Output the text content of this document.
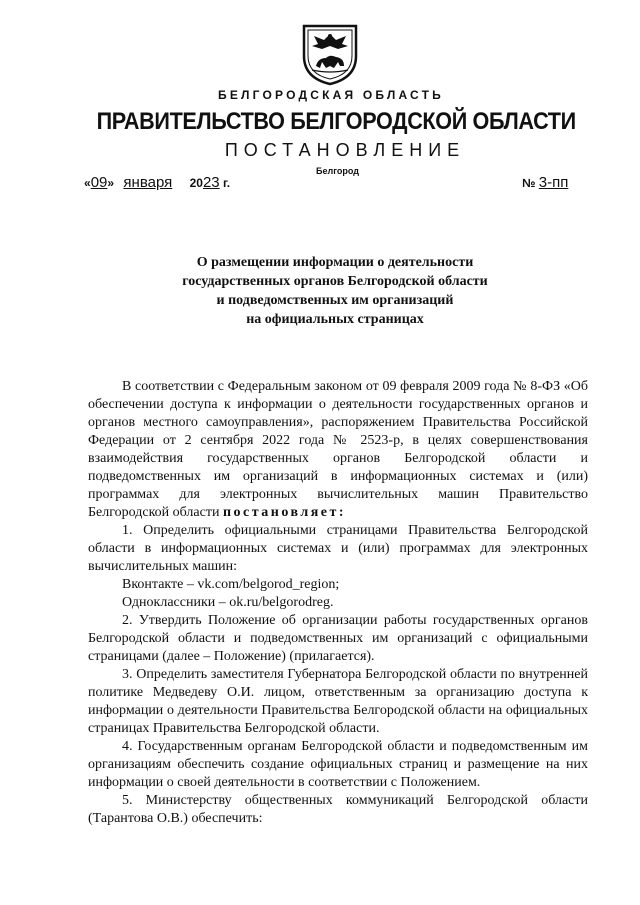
БЕЛГОРОДСКАЯ ОБЛАСТЬ
ПРАВИТЕЛЬСТВО БЕЛГОРОДСКОЙ ОБЛАСТИ
ПОСТАНОВЛЕНИЕ
Белгород
«09» января 2023 г.	№ 3-пп
О размещении информации о деятельности
государственных органов Белгородской области
и подведомственных им организаций
на официальных страницах

В соответствии с Федеральным законом от 09 февраля 2009 года № 8-ФЗ «Об обеспечении доступа к информации о деятельности государственных органов и органов местного самоуправления», распоряжением Правительства Российской Федерации от 2 сентября 2022 года № 2523-р, в целях совершенствования взаимодействия государственных органов Белгородской области и подведомственных им организаций в информационных системах и (или) программах для электронных вычислительных машин Правительство Белгородской области постановляет:

1. Определить официальными страницами Правительства Белгородской области в информационных системах и (или) программах для электронных вычислительных машин:

Вконтакте – vk.com/belgorod_region;

Одноклассники – ok.ru/belgorodreg.

2. Утвердить Положение об организации работы государственных органов Белгородской области и подведомственных им организаций с официальными страницами (далее – Положение) (прилагается).

3. Определить заместителя Губернатора Белгородской области по внутренней политике Медведеву О.И. лицом, ответственным за организацию доступа к информации о деятельности Правительства Белгородской области на официальных страницах Правительства Белгородской области.

4. Государственным органам Белгородской области и подведомственным им организациям обеспечить создание официальных страниц и размещение на них информации о своей деятельности в соответствии с Положением.

5. Министерству общественных коммуникаций Белгородской области (Тарантова О.В.) обеспечить:
